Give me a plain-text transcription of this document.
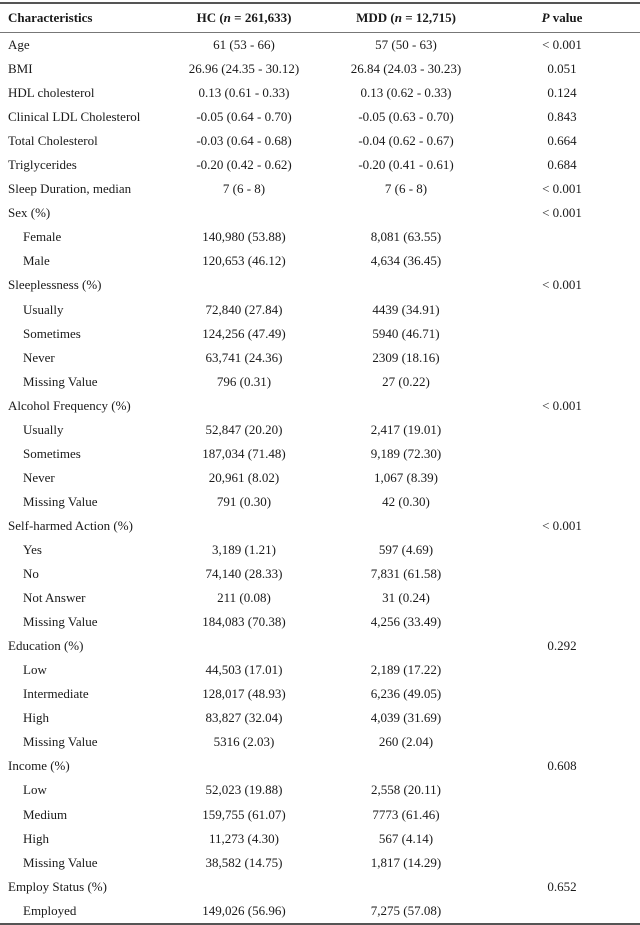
Characteristics	HC (n = 261,633)	MDD (n = 12,715)	P value
Age	61 (53 - 66)	57 (50 - 63)	< 0.001
BMI	26.96 (24.35 - 30.12)	26.84 (24.03 - 30.23)	0.051
HDL cholesterol	0.13 (0.61 - 0.33)	0.13 (0.62 - 0.33)	0.124
Clinical LDL Cholesterol	-0.05 (0.64 - 0.70)	-0.05 (0.63 - 0.70)	0.843
Total Cholesterol	-0.03 (0.64 - 0.68)	-0.04 (0.62 - 0.67)	0.664
Triglycerides	-0.20 (0.42 - 0.62)	-0.20 (0.41 - 0.61)	0.684
Sleep Duration, median	7 (6 - 8)	7 (6 - 8)	< 0.001
Sex (%)			< 0.001
Female	140,980 (53.88)	8,081 (63.55)	
Male	120,653 (46.12)	4,634 (36.45)	
Sleeplessness (%)			< 0.001
Usually	72,840 (27.84)	4439 (34.91)	
Sometimes	124,256 (47.49)	5940 (46.71)	
Never	63,741 (24.36)	2309 (18.16)	
Missing Value	796 (0.31)	27 (0.22)	
Alcohol Frequency (%)			< 0.001
Usually	52,847 (20.20)	2,417 (19.01)	
Sometimes	187,034 (71.48)	9,189 (72.30)	
Never	20,961 (8.02)	1,067 (8.39)	
Missing Value	791 (0.30)	42 (0.30)	
Self-harmed Action (%)			< 0.001
Yes	3,189 (1.21)	597 (4.69)	
No	74,140 (28.33)	7,831 (61.58)	
Not Answer	211 (0.08)	31 (0.24)	
Missing Value	184,083 (70.38)	4,256 (33.49)	
Education (%)			0.292
Low	44,503 (17.01)	2,189 (17.22)	
Intermediate	128,017 (48.93)	6,236 (49.05)	
High	83,827 (32.04)	4,039 (31.69)	
Missing Value	5316 (2.03)	260 (2.04)	
Income (%)			0.608
Low	52,023 (19.88)	2,558 (20.11)	
Medium	159,755 (61.07)	7773 (61.46)	
High	11,273 (4.30)	567 (4.14)	
Missing Value	38,582 (14.75)	1,817 (14.29)	
Employ Status (%)			0.652
Employed	149,026 (56.96)	7,275 (57.08)	
